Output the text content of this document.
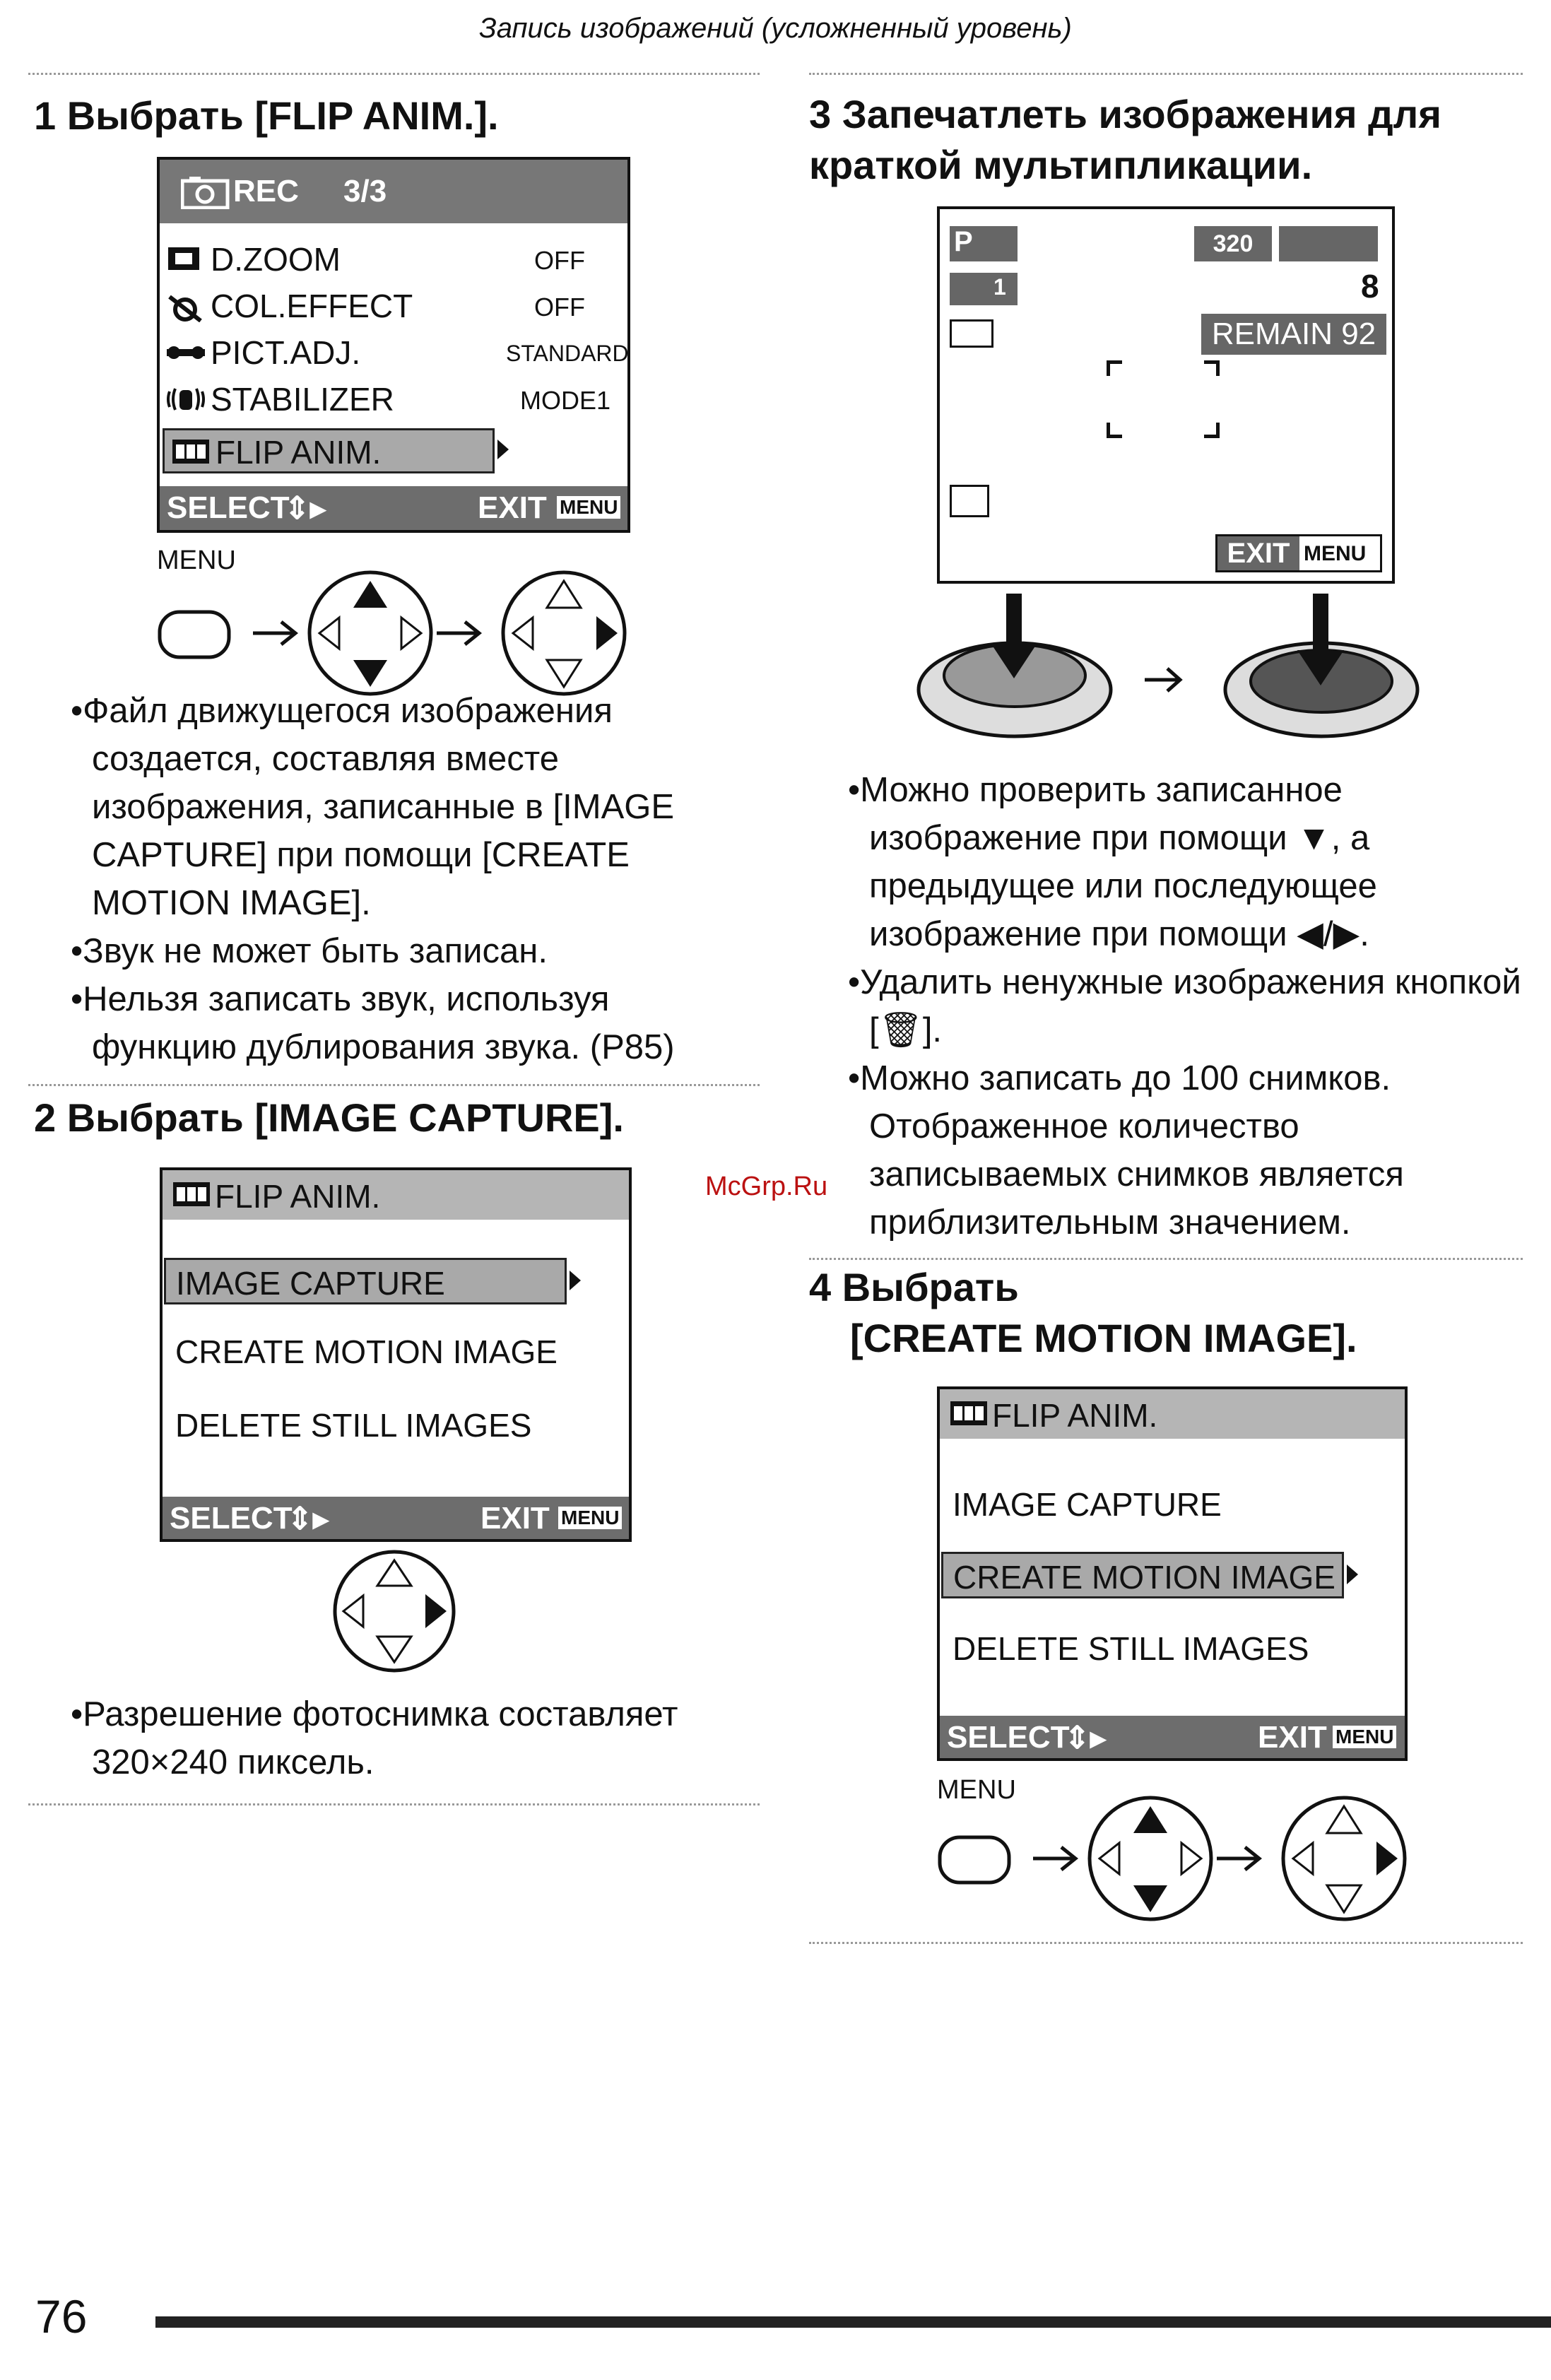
Запись изображений (усложненный уровень)
1 Выбрать [FLIP ANIM.].
REC 3/3
D.ZOOM	OFF
COL.EFFECT	OFF
PICT.ADJ.	STANDARD
STABILIZER	MODE1
FLIP ANIM.
SELECT
⇕▸	EXIT MENU
MENU
• Файл движущегося изображения создается, составляя вместе изображения, записанные в [IMAGE CAPTURE] при помощи [CREATE MOTION IMAGE].
• Звук не может быть записан.
• Нельзя записать звук, используя функцию дублирования звука. (P85)
2 Выбрать [IMAGE CAPTURE].
FLIP ANIM.
IMAGE CAPTURE
CREATE MOTION IMAGE
DELETE STILL IMAGES
SELECT
⇕▸	EXIT MENU
• Разрешение фотоснимка составляет 320×240 пиксель.
McGrp.Ru
3 Запечатлеть изображения для краткой мультипликации.
P	320
1	8
REMAIN 92
EXIT MENU
• Можно проверить записанное изображение при помощи ▼, а предыдущее или последующее изображение при помощи ◀/▶.
• Удалить ненужные изображения кнопкой [🗑].
• Можно записать до 100 снимков. Отображенное количество записываемых снимков является приблизительным значением.
4 Выбрать
[CREATE MOTION IMAGE].
FLIP ANIM.
IMAGE CAPTURE
CREATE MOTION IMAGE
DELETE STILL IMAGES
SELECT
⇕▸	EXIT MENU
MENU
76
